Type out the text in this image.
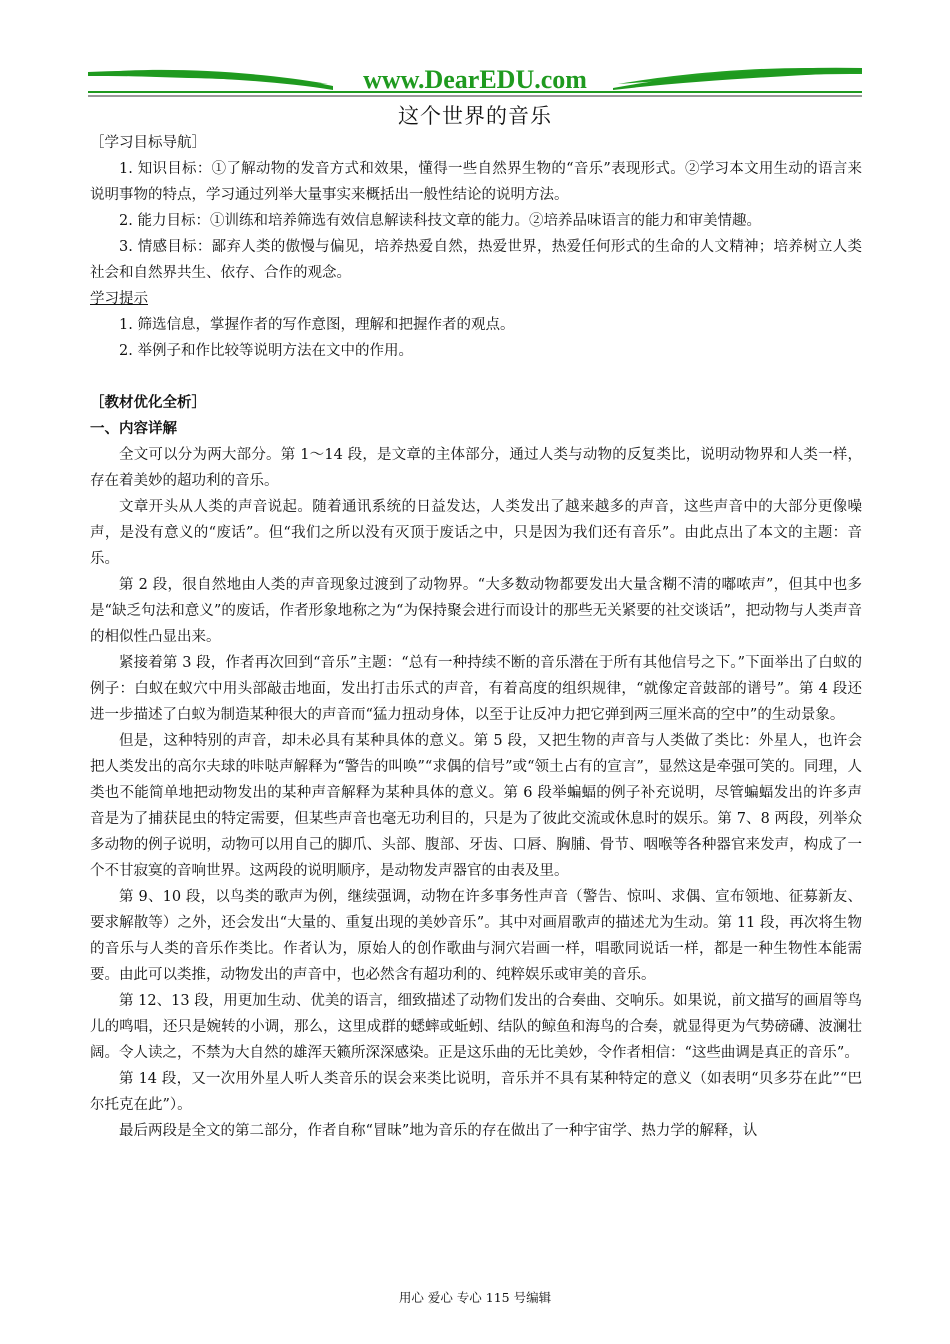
www.DearEDU.com
这个世界的音乐

［学习目标导航］

1. 知识目标：①了解动物的发音方式和效果，懂得一些自然界生物的“音乐”表现形式。②学习本文用生动的语言来说明事物的特点，学习通过列举大量事实来概括出一般性结论的说明方法。

2. 能力目标：①训练和培养筛选有效信息解读科技文章的能力。②培养品味语言的能力和审美情趣。

3. 情感目标：鄙弃人类的傲慢与偏见，培养热爱自然，热爱世界，热爱任何形式的生命的人文精神；培养树立人类社会和自然界共生、依存、合作的观念。

学习提示

1. 筛选信息，掌握作者的写作意图，理解和把握作者的观点。

2. 举例子和作比较等说明方法在文中的作用。

［教材优化全析］

一、内容详解

全文可以分为两大部分。第 1～14 段，是文章的主体部分，通过人类与动物的反复类比，说明动物界和人类一样，存在着美妙的超功利的音乐。

文章开头从人类的声音说起。随着通讯系统的日益发达，人类发出了越来越多的声音，这些声音中的大部分更像噪声，是没有意义的“废话”。但“我们之所以没有灭顶于废话之中，只是因为我们还有音乐”。由此点出了本文的主题：音乐。

第 2 段，很自然地由人类的声音现象过渡到了动物界。“大多数动物都要发出大量含糊不清的嘟哝声”，但其中也多是“缺乏句法和意义”的废话，作者形象地称之为“为保持聚会进行而设计的那些无关紧要的社交谈话”，把动物与人类声音的相似性凸显出来。

紧接着第 3 段，作者再次回到“音乐”主题：“总有一种持续不断的音乐潜在于所有其他信号之下。”下面举出了白蚁的例子：白蚁在蚁穴中用头部敲击地面，发出打击乐式的声音，有着高度的组织规律，“就像定音鼓部的谱号”。第 4 段还进一步描述了白蚁为制造某种很大的声音而“猛力扭动身体，以至于让反冲力把它弹到两三厘米高的空中”的生动景象。

但是，这种特别的声音，却未必具有某种具体的意义。第 5 段，又把生物的声音与人类做了类比：外星人，也许会把人类发出的高尔夫球的咔哒声解释为“警告的叫唤”“求偶的信号”或“领土占有的宣言”，显然这是牵强可笑的。同理，人类也不能简单地把动物发出的某种声音解释为某种具体的意义。第 6 段举蝙蝠的例子补充说明，尽管蝙蝠发出的许多声音是为了捕获昆虫的特定需要，但某些声音也毫无功利目的，只是为了彼此交流或休息时的娱乐。第 7、8 两段，列举众多动物的例子说明，动物可以用自己的脚爪、头部、腹部、牙齿、口唇、胸脯、骨节、咽喉等各种器官来发声，构成了一个不甘寂寞的音响世界。这两段的说明顺序，是动物发声器官的由表及里。

第 9、10 段，以鸟类的歌声为例，继续强调，动物在许多事务性声音（警告、惊叫、求偶、宣布领地、征募新友、要求解散等）之外，还会发出“大量的、重复出现的美妙音乐”。其中对画眉歌声的描述尤为生动。第 11 段，再次将生物的音乐与人类的音乐作类比。作者认为，原始人的创作歌曲与洞穴岩画一样，唱歌同说话一样，都是一种生物性本能需要。由此可以类推，动物发出的声音中，也必然含有超功利的、纯粹娱乐或审美的音乐。

第 12、13 段，用更加生动、优美的语言，细致描述了动物们发出的合奏曲、交响乐。如果说，前文描写的画眉等鸟儿的鸣唱，还只是婉转的小调，那么，这里成群的蟋蟀或蚯蚓、结队的鲸鱼和海鸟的合奏，就显得更为气势磅礴、波澜壮阔。令人读之，不禁为大自然的雄浑天籁所深深感染。正是这乐曲的无比美妙，令作者相信：“这些曲调是真正的音乐”。

第 14 段，又一次用外星人听人类音乐的误会来类比说明，音乐并不具有某种特定的意义（如表明“贝多芬在此”“巴尔托克在此”）。

最后两段是全文的第二部分，作者自称“冒昧”地为音乐的存在做出了一种宇宙学、热力学的解释，认

用心 爱心 专心 115 号编辑
